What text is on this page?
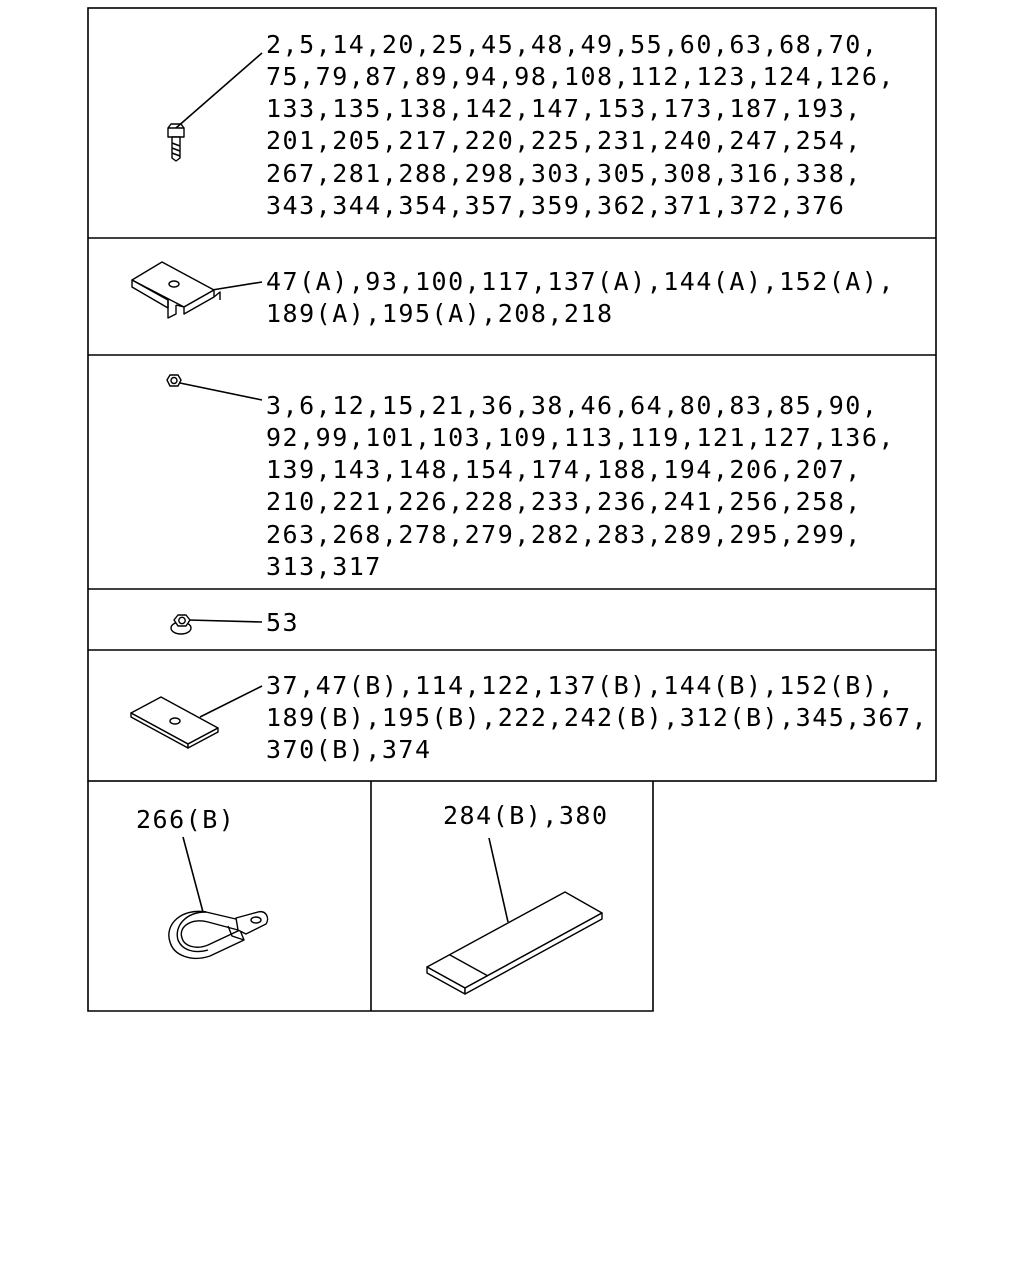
2,5,14,20,25,45,48,49,55,60,63,68,70, 75,79,87,89,94,98,108,112,123,124,126, 133,135,138,142,147,153,173,187,193, 201,205,217,220,225,231,240,247,254, 267,281,288,298,303,305,308,316,338, 343,344,354,357,359,362,371,372,376
47(A),93,100,117,137(A),144(A),152(A), 189(A),195(A),208,218
3,6,12,15,21,36,38,46,64,80,83,85,90, 92,99,101,103,109,113,119,121,127,136, 139,143,148,154,174,188,194,206,207, 210,221,226,228,233,236,241,256,258, 263,268,278,279,282,283,289,295,299, 313,317
53
37,47(B),114,122,137(B),144(B),152(B), 189(B),195(B),222,242(B),312(B),345,367, 370(B),374
266(B)	284(B),380
